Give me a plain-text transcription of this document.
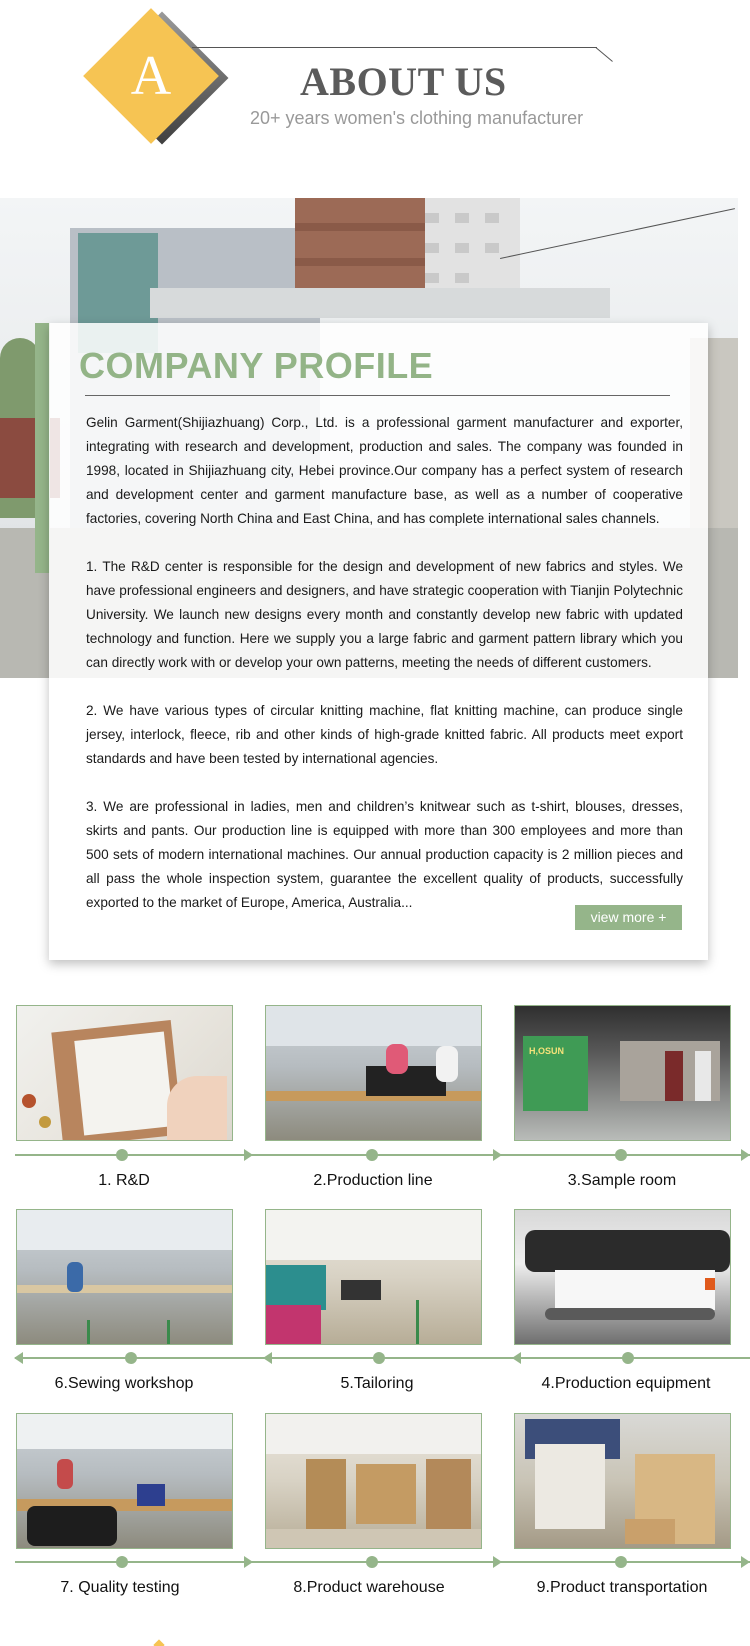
A	ABOUT US
20+ years women's clothing manufacturer
COMPANY PROFILE

Gelin Garment(Shijiazhuang) Corp., Ltd. is a professional garment manufacturer and exporter, integrating with research and development, production and sales. The company was founded in 1998, located in Shijiazhuang city, Hebei province.Our company has a perfect system of research and development center and garment manufacture base, as well as a number of cooperative factories, covering North China and East China, and has complete international sales channels.

1. The R&D center is responsible for the design and development of new fabrics and styles. We have professional engineers and designers, and have strategic cooperation with Tianjin Polytechnic University. We launch new designs every month and constantly develop new fabric with updated technology and function. Here we supply you a large fabric and garment pattern library which you can directly work with or develop your own patterns, meeting the needs of different customers.

2. We have various types of circular knitting machine, flat knitting machine, can produce single jersey, interlock, fleece, rib and other kinds of high-grade knitted fabric. All products meet export standards and have been tested by international agencies.

3. We are professional in ladies, men and children’s knitwear such as t-shirt, blouses, dresses, skirts and pants. Our production line is equipped with more than 300 employees and more than 500 sets of modern international machines. Our annual production capacity is 2 million pieces and all pass the whole inspection system, guarantee the excellent quality of products, successfully exported to the market of Europe, America, Australia...

view more +
H,OSUN
1. R&D	2.Production line	3.Sample room
6.Sewing workshop	5.Tailoring	4.Production equipment
7. Quality testing	8.Product warehouse	9.Product transportation
